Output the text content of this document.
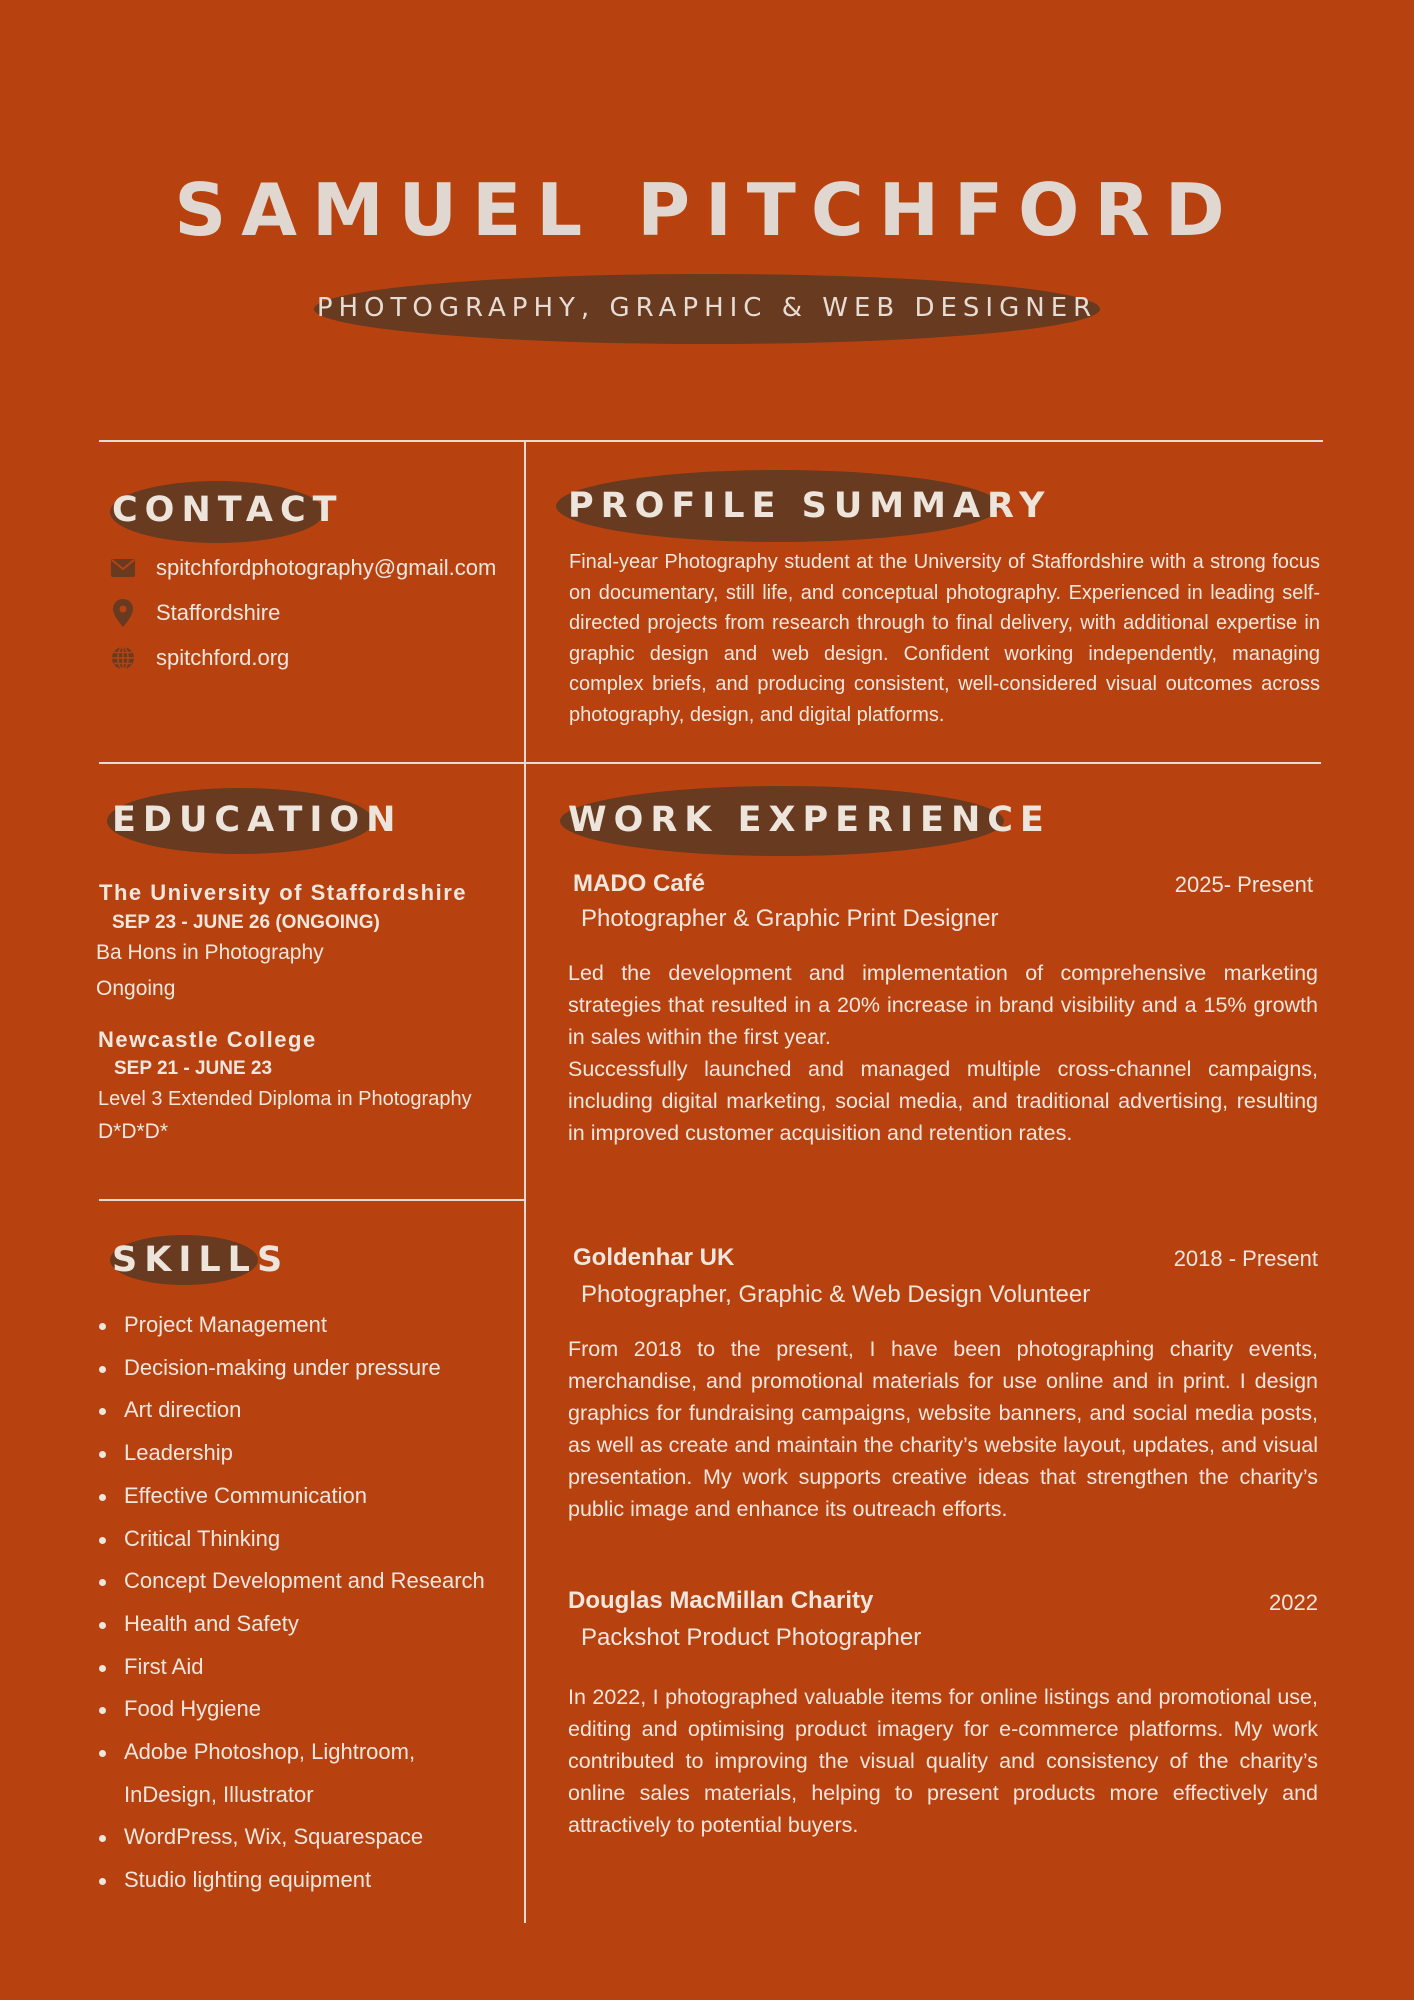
SAMUEL PITCHFORD
PHOTOGRAPHY, GRAPHIC & WEB DESIGNER
CONTACT
spitchfordphotography@gmail.com
Staffordshire
spitchford.org
PROFILE SUMMARY
Final-year Photography student at the University of Staffordshire with a strong focus on documentary, still life, and conceptual photography. Experienced in leading self-directed projects from research through to final delivery, with additional expertise in graphic design and web design. Confident working independently, managing complex briefs, and producing consistent, well-considered visual outcomes across photography, design, and digital platforms.
EDUCATION
The University of Staffordshire
SEP 23 - JUNE 26 (ONGOING)
Ba Hons in Photography
Ongoing
Newcastle College
SEP 21 - JUNE 23
Level 3 Extended Diploma in Photography
D*D*D*
SKILLS
Project Management
Decision-making under pressure
Art direction
Leadership
Effective Communication
Critical Thinking
Concept Development and Research
Health and Safety
First Aid
Food Hygiene
Adobe Photoshop, Lightroom, InDesign, Illustrator
WordPress, Wix, Squarespace
Studio lighting equipment
WORK EXPERIENCE
MADO Café	2025- Present
Photographer & Graphic Print Designer
Led the development and implementation of comprehensive marketing strategies that resulted in a 20% increase in brand visibility and a 15% growth in sales within the first year.
Successfully launched and managed multiple cross-channel campaigns, including digital marketing, social media, and traditional advertising, resulting in improved customer acquisition and retention rates.
Goldenhar UK	2018 - Present
Photographer, Graphic & Web Design Volunteer
From 2018 to the present, I have been photographing charity events, merchandise, and promotional materials for use online and in print. I design graphics for fundraising campaigns, website banners, and social media posts, as well as create and maintain the charity’s website layout, updates, and visual presentation. My work supports creative ideas that strengthen the charity’s public image and enhance its outreach efforts.
Douglas MacMillan Charity	2022
Packshot Product Photographer
In 2022, I photographed valuable items for online listings and promotional use, editing and optimising product imagery for e-commerce platforms. My work contributed to improving the visual quality and consistency of the charity’s online sales materials, helping to present products more effectively and attractively to potential buyers.
